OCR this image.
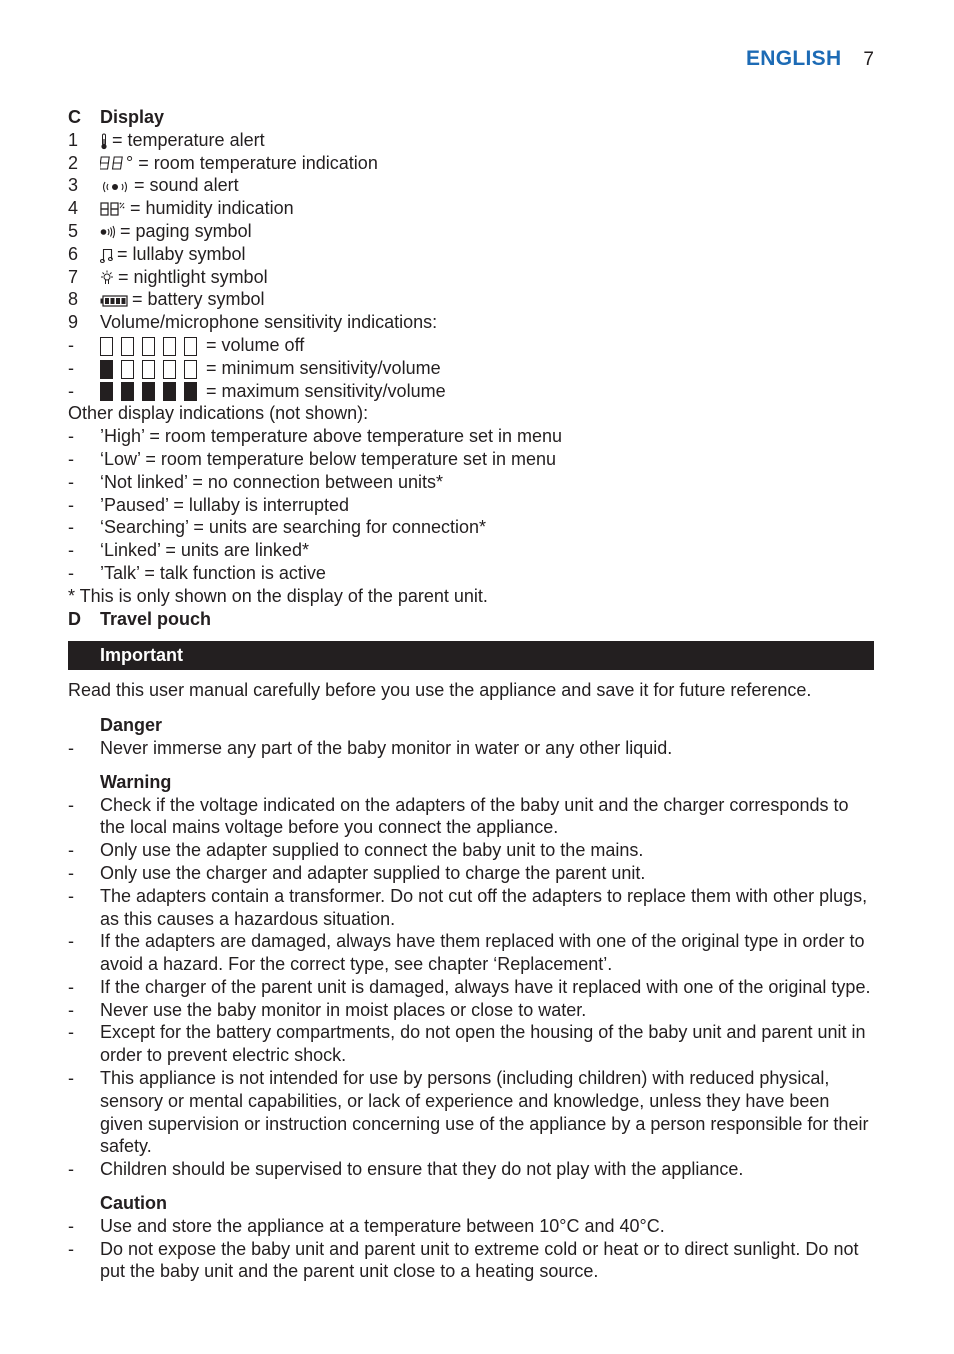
ENGLISH 7
C	Display
1	= temperature alert
2	° = room temperature indication
3	= sound alert
4	= humidity indication
5	= paging symbol
6	= lullaby symbol
7	= nightlight symbol
8	= battery symbol
9	Volume/microphone sensitivity indications:
-	= volume off
-	= minimum sensitivity/volume
-	= maximum sensitivity/volume
Other display indications (not shown):
-	’High’ = room temperature above temperature set in menu
-	‘Low’ = room temperature below temperature set in menu
-	‘Not linked’ = no connection between units*
-	’Paused’ = lullaby is interrupted
-	‘Searching’ = units are searching for connection*
-	‘Linked’ = units are linked*
-	’Talk’ = talk function is active
* This is only shown on the display of the parent unit.
D	Travel pouch
Important
Read this user manual carefully before you use the appliance and save it for future reference.
Danger
-	Never immerse any part of the baby monitor in water or any other liquid.
Warning
-	Check if the voltage indicated on the adapters of the baby unit and the charger corresponds to the local mains voltage before you connect the appliance.
-	Only use the adapter supplied to connect the baby unit to the mains.
-	Only use the charger and adapter supplied to charge the parent unit.
-	The adapters contain a transformer. Do not cut off the adapters to replace them with other plugs, as this causes a hazardous situation.
-	If the adapters are damaged, always have them replaced with one of the original type in order to avoid a hazard. For the correct type, see chapter ‘Replacement’.
-	If the charger of the parent unit is damaged, always have it replaced with one of the original type.
-	Never use the baby monitor in moist places or close to water.
-	Except for the battery compartments, do not open the housing of the baby unit and parent unit in order to prevent electric shock.
-	This appliance is not intended for use by persons (including children) with reduced physical, sensory or mental capabilities, or lack of experience and knowledge, unless they have been given supervision or instruction concerning use of the appliance by a person responsible for their safety.
-	Children should be supervised to ensure that they do not play with the appliance.
Caution
-	Use and store the appliance at a temperature between 10°C and 40°C.
-	Do not expose the baby unit and parent unit to extreme cold or heat or to direct sunlight. Do not put the baby unit and the parent unit close to a heating source.
